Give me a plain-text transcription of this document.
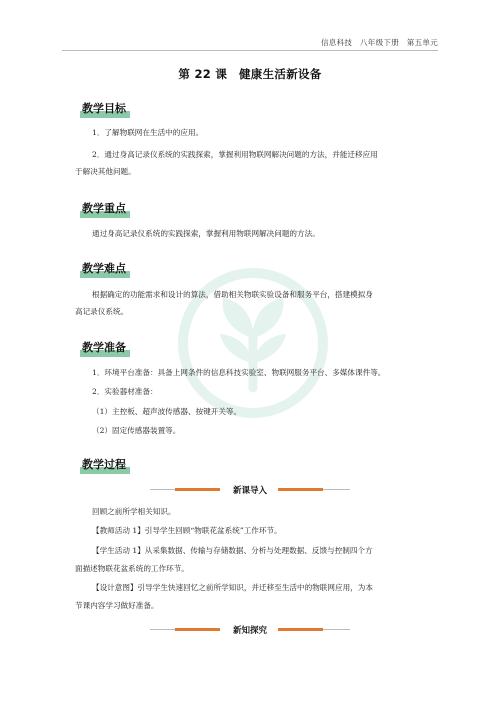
信息科技　八年级下册　第五单元
第 22 课　健康生活新设备
教学目标
1．了解物联网在生活中的应用。
2．通过身高记录仪系统的实践探索，掌握利用物联网解决问题的方法，并能迁移应用
于解决其他问题。
教学重点
通过身高记录仪系统的实践探索，掌握利用物联网解决问题的方法。
教学难点
根据确定的功能需求和设计的算法，借助相关物联实验设备和服务平台，搭建模拟身
高记录仪系统。
教学准备
1．环境平台准备：具备上网条件的信息科技实验室、物联网服务平台、多媒体课件等。
2．实验器材准备：
（1）主控板、超声波传感器、按键开关等。
（2）固定传感器装置等。
教学过程
新课导入
回顾之前所学相关知识。
【教师活动 1】引导学生回顾“物联花盆系统”工作环节。
【学生活动 1】从采集数据、传输与存储数据、分析与处理数据、反馈与控制四个方
面描述物联花盆系统的工作环节。
【设计意图】引导学生快速回忆之前所学知识，并迁移至生活中的物联网应用，为本
节课内容学习做好准备。
新知探究
